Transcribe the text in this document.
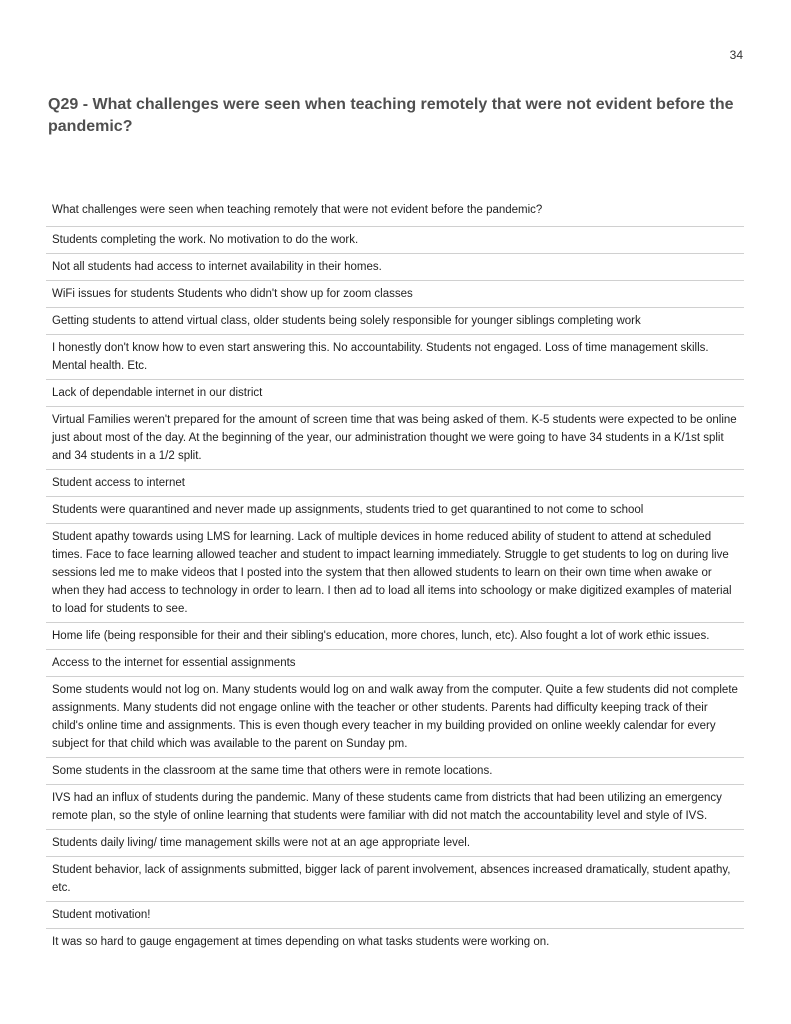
34
Q29 - What challenges were seen when teaching remotely that were not evident before the pandemic?
What challenges were seen when teaching remotely that were not evident before the pandemic?
Students completing the work. No motivation to do the work.
Not all students had access to internet availability in their homes.
WiFi issues for students Students who didn't show up for zoom classes
Getting students to attend virtual class, older students being solely responsible for younger siblings completing work
I honestly don't know how to even start answering this. No accountability. Students not engaged. Loss of time management skills. Mental health. Etc.
Lack of dependable internet in our district
Virtual Families weren't prepared for the amount of screen time that was being asked of them. K-5 students were expected to be online just about most of the day. At the beginning of the year, our administration thought we were going to have 34 students in a K/1st split and 34 students in a 1/2 split.
Student access to internet
Students were quarantined and never made up assignments, students tried to get quarantined to not come to school
Student apathy towards using LMS for learning. Lack of multiple devices in home reduced ability of student to attend at scheduled times. Face to face learning allowed teacher and student to impact learning immediately. Struggle to get students to log on during live sessions led me to make videos that I posted into the system that then allowed students to learn on their own time when awake or when they had access to technology in order to learn. I then ad to load all items into schoology or make digitized examples of material to load for students to see.
Home life (being responsible for their and their sibling's education, more chores, lunch, etc). Also fought a lot of work ethic issues.
Access to the internet for essential assignments
Some students would not log on. Many students would log on and walk away from the computer. Quite a few students did not complete assignments. Many students did not engage online with the teacher or other students. Parents had difficulty keeping track of their child's online time and assignments. This is even though every teacher in my building provided on online weekly calendar for every subject for that child which was available to the parent on Sunday pm.
Some students in the classroom at the same time that others were in remote locations.
IVS had an influx of students during the pandemic. Many of these students came from districts that had been utilizing an emergency remote plan, so the style of online learning that students were familiar with did not match the accountability level and style of IVS.
Students daily living/ time management skills were not at an age appropriate level.
Student behavior, lack of assignments submitted, bigger lack of parent involvement, absences increased dramatically, student apathy, etc.
Student motivation!
It was so hard to gauge engagement at times depending on what tasks students were working on.
